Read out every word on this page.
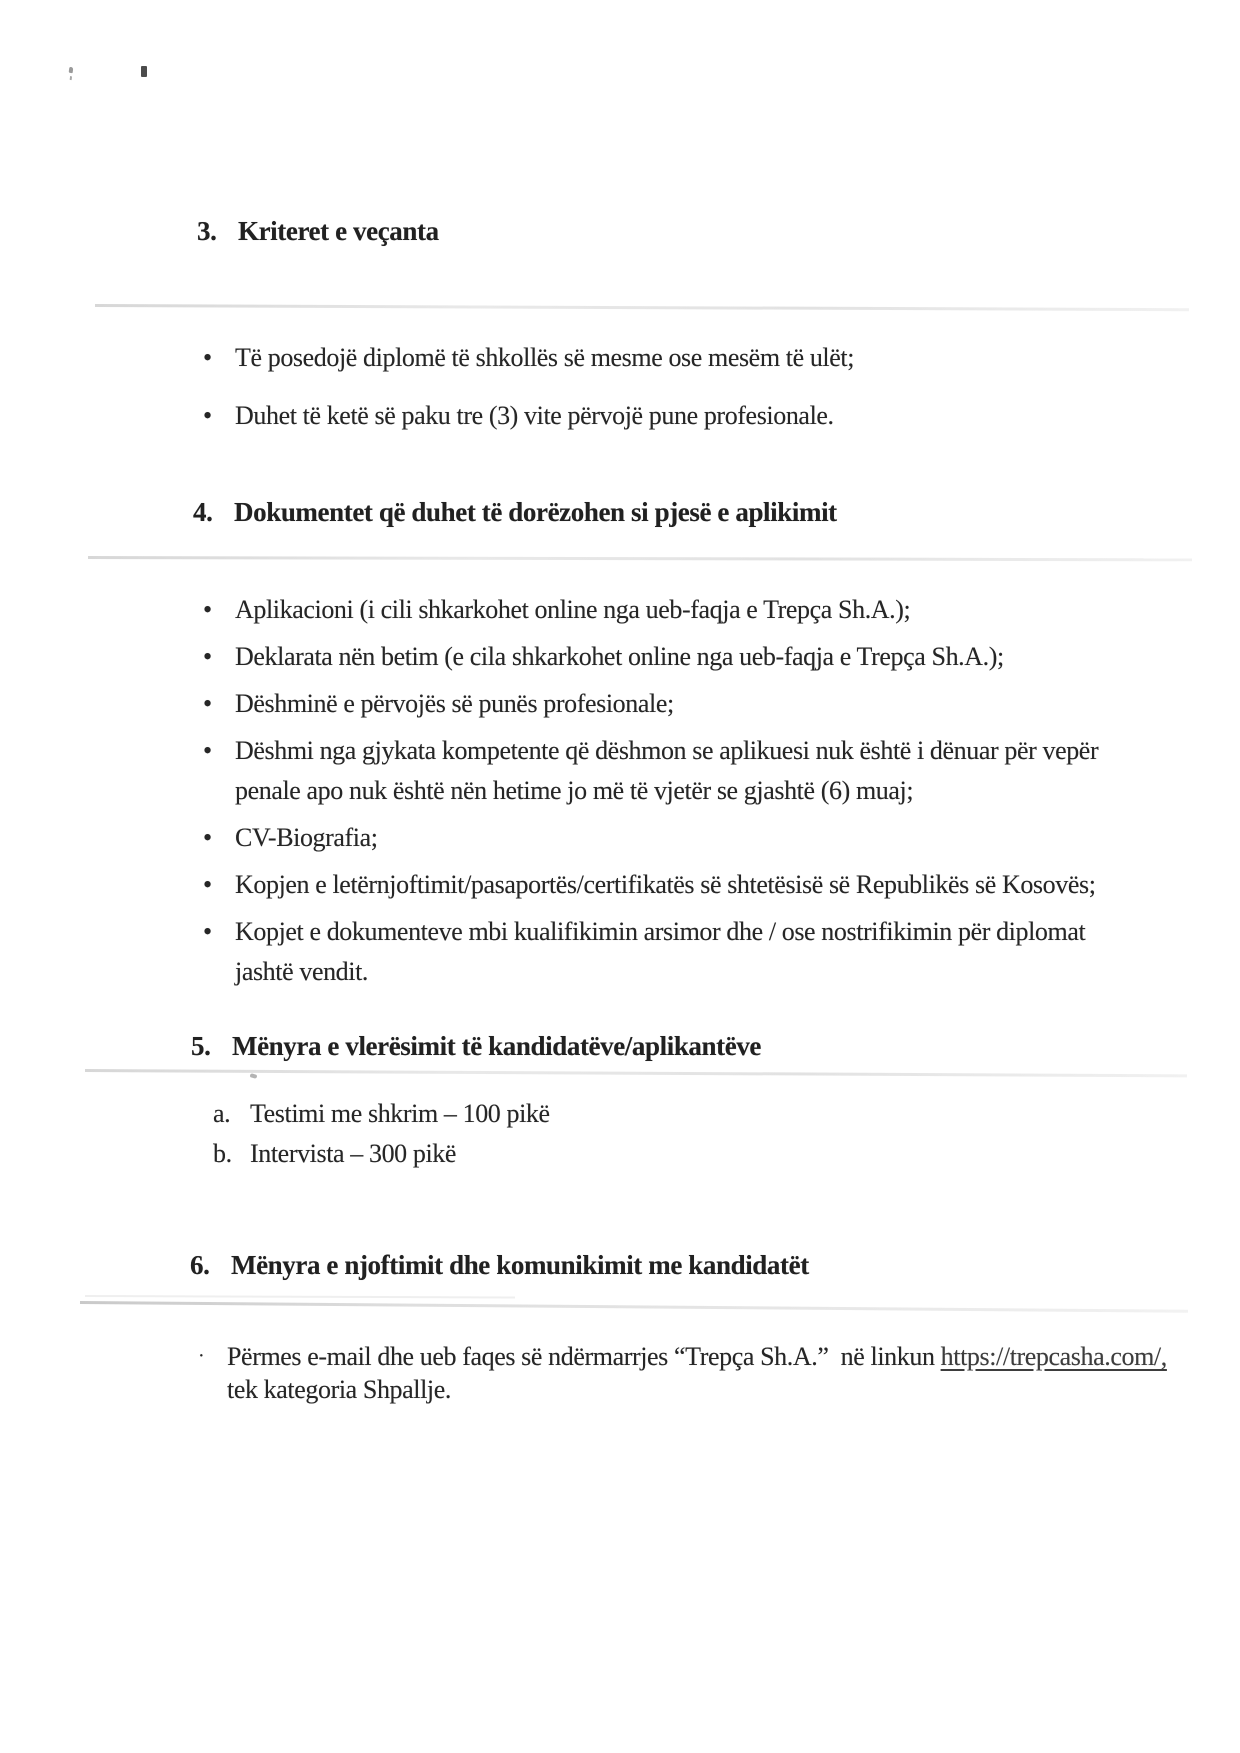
3. Kriteret e veçanta
• Të posedojë diplomë të shkollës së mesme ose mesëm të ulët;
• Duhet të ketë së paku tre (3) vite përvojë pune profesionale.
4. Dokumentet që duhet të dorëzohen si pjesë e aplikimit
• Aplikacioni (i cili shkarkohet online nga ueb-faqja e Trepça Sh.A.);
• Deklarata nën betim (e cila shkarkohet online nga ueb-faqja e Trepça Sh.A.);
• Dëshminë e përvojës së punës profesionale;
• Dëshmi nga gjykata kompetente që dëshmon se aplikuesi nuk është i dënuar për vepër
penale apo nuk është nën hetime jo më të vjetër se gjashtë (6) muaj;
• CV-Biografia;
• Kopjen e letërnjoftimit/pasaportës/certifikatës së shtetësisë së Republikës së Kosovës;
• Kopjet e dokumenteve mbi kualifikimin arsimor dhe / ose nostrifikimin për diplomat
jashtë vendit.
5. Mënyra e vlerësimit të kandidatëve/aplikantëve
a. Testimi me shkrim – 100 pikë
b. Intervista – 300 pikë
6. Mënyra e njoftimit dhe komunikimit me kandidatët
· Përmes e-mail dhe ueb faqes së ndërmarrjes “Trepça Sh.A.”  në linkun https://trepcasha.com/,
tek kategoria Shpallje.
